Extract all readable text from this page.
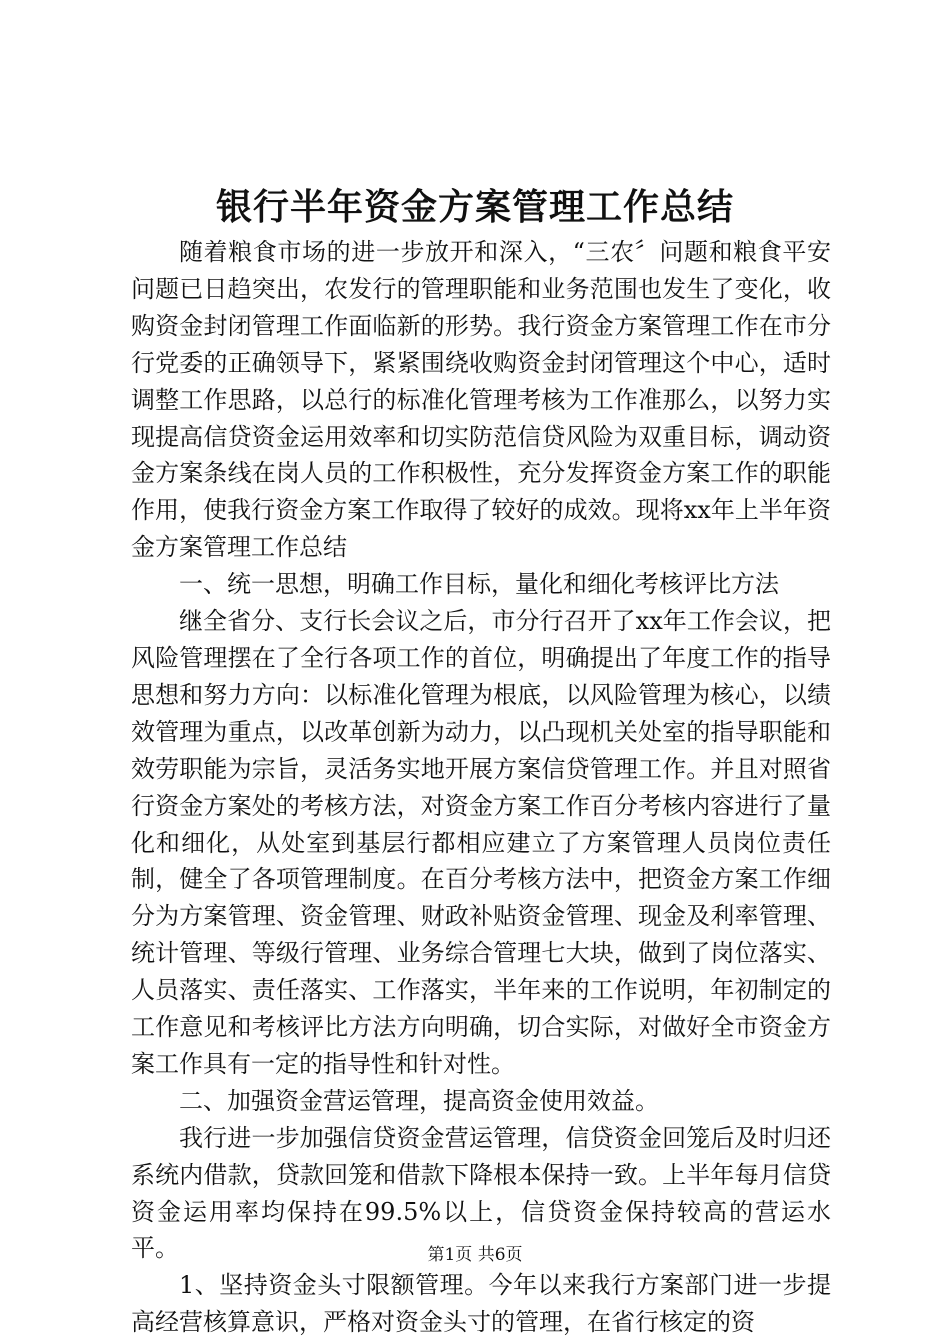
银行半年资金方案管理工作总结

随着粮食市场的进一步放开和深入，“三农〞问题和粮食平安问题已日趋突出，农发行的管理职能和业务范围也发生了变化，收购资金封闭管理工作面临新的形势。我行资金方案管理工作在市分行党委的正确领导下，紧紧围绕收购资金封闭管理这个中心，适时调整工作思路，以总行的标准化管理考核为工作准那么，以努力实现提高信贷资金运用效率和切实防范信贷风险为双重目标，调动资金方案条线在岗人员的工作积极性，充分发挥资金方案工作的职能作用，使我行资金方案工作取得了较好的成效。现将xx年上半年资金方案管理工作总结

一、统一思想，明确工作目标，量化和细化考核评比方法

继全省分、支行长会议之后，市分行召开了xx年工作会议，把风险管理摆在了全行各项工作的首位，明确提出了年度工作的指导思想和努力方向：以标准化管理为根底，以风险管理为核心，以绩效管理为重点，以改革创新为动力，以凸现机关处室的指导职能和效劳职能为宗旨，灵活务实地开展方案信贷管理工作。并且对照省行资金方案处的考核方法，对资金方案工作百分考核内容进行了量化和细化，从处室到基层行都相应建立了方案管理人员岗位责任制，健全了各项管理制度。在百分考核方法中，把资金方案工作细分为方案管理、资金管理、财政补贴资金管理、现金及利率管理、统计管理、等级行管理、业务综合管理七大块，做到了岗位落实、人员落实、责任落实、工作落实，半年来的工作说明，年初制定的工作意见和考核评比方法方向明确，切合实际，对做好全市资金方案工作具有一定的指导性和针对性。

二、加强资金营运管理，提高资金使用效益。

我行进一步加强信贷资金营运管理，信贷资金回笼后及时归还系统内借款，贷款回笼和借款下降根本保持一致。上半年每月信贷资金运用率均保持在99.5%以上，信贷资金保持较高的营运水平。

1、坚持资金头寸限额管理。今年以来我行方案部门进一步提高经营核算意识，严格对资金头寸的管理，在省行核定的资

第1页 共6页
